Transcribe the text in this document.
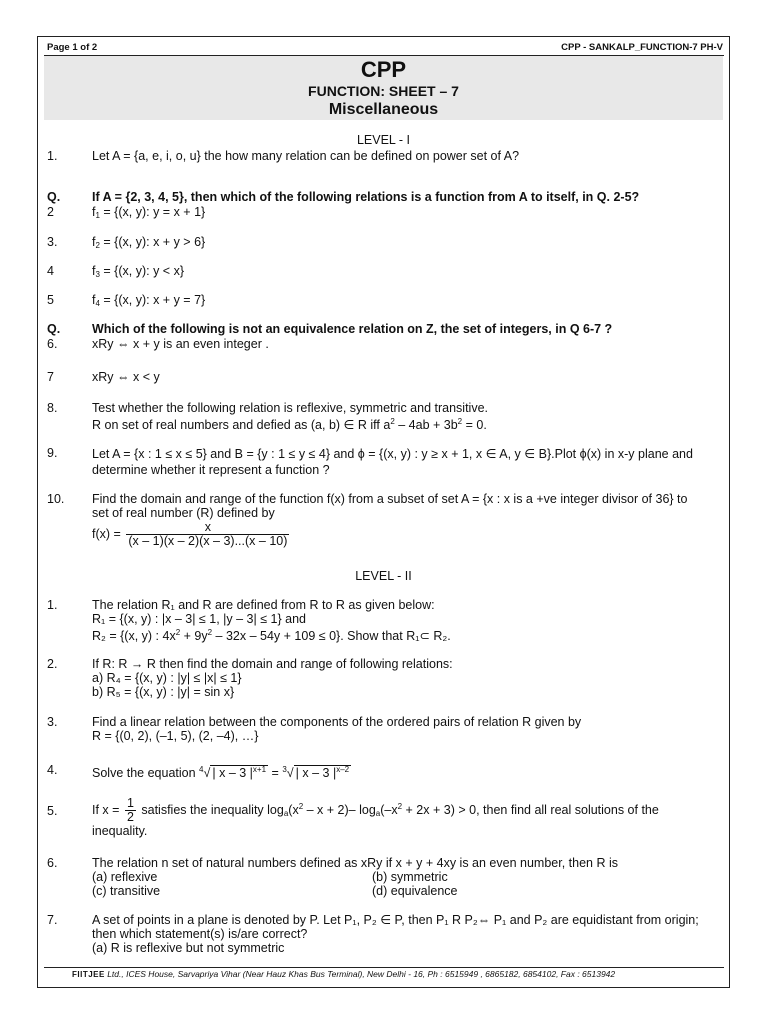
Page 1 of 2	CPP - SANKALP_FUNCTION-7 PH-V
CPP
FUNCTION: SHEET – 7
Miscellaneous
LEVEL - I
1.	Let A = {a, e, i, o, u} the how many relation can be defined on power set of A?
Q.	If A = {2, 3, 4, 5}, then which of the following relations is a function from A to itself, in Q. 2-5?
2	$f_1 = \{(x$, y): y = x + 1}
3.	$f_2 = \{(x$, y): x + y > 6}
4	$f_3 = \{(x$, y): y < x}
5	$f_4 = \{(x$, y): x + y = 7}
Q.	Which of the following is not an equivalence relation on Z, the set of integers, in Q 6-7 ?
6.	xRy ⇔ x + y is an even integer .
7	xRy ⇔ x < y
8.	Test whether the following relation is reflexive, symmetric and transitive.
R on set of real numbers and defied as (a, b) ∈ R iff $a^2 - 4ab + 3b^2 = 0$.
9.	Let A = {x : 1 ≤ x ≤ 5} and B = {y : 1 ≤ y ≤ 4} and ϕ = {(x, y) : y ≥ x + 1, x ∈ A, y ∈ B}.Plot ϕ(x) in x-y plane and
determine whether it represent a function ?
10. Find the domain and range of the function f(x) from a subset of set A = {x : x is a +ve integer divisor of 36} to
set of real number (R) defined by
$f(x) = \frac{x}{(x - 1)(x - 2)(x - 3)...(x - 10)}$
LEVEL - II
1.	The relation R₁ and R are defined from R to R as given below:
R₁ = {(x, y) : |x – 3| ≤ 1, |y – 3| ≤ 1} and
R₂ = {(x, y) : $4x^2 + 9y^2 - 32x - 54y + 109 \le 0$}. Show that R₁⊂ R₂.
2.	If R: R → R then find the domain and range of following relations:
a) R₄ = {(x, y) : |y| ≤ |x| ≤ 1}
b) R₅ = {(x, y) : |y| = sin x}
3.	Find a linear relation between the components of the ordered pairs of relation R given by
R = {(0, 2), (–1, 5), (2, –4), …}
4.	Solve the equation $^4$√ | x – 3 $|^{x+1} = ^3√$ | x – 3 $|^{x-2}$
5.	If $x = \frac{1}{2}$ satisfies the inequality $\log_a(x^2 - x + 2)-$ $\log_a(-x^2 + 2x + 3) > 0$, then find all real solutions of the
inequality.
6.	The relation n set of natural numbers defined as xRy if x + y + 4xy is an even number, then R is
(a) reflexive	(b) symmetric
(c) transitive	(d) equivalence
7.	A set of points in a plane is denoted by P. Let P₁, P₂ ∈ P, then P₁ R P₂⇔ P₁ and P₂ are equidistant from origin;
then which statement(s) is/are correct?
(a) R is reflexive but not symmetric
FIITJEE Ltd., ICES House, Sarvapriya Vihar (Near Hauz Khas Bus Terminal), New Delhi - 16, Ph : 6515949 , 6865182, 6854102, Fax : 6513942
